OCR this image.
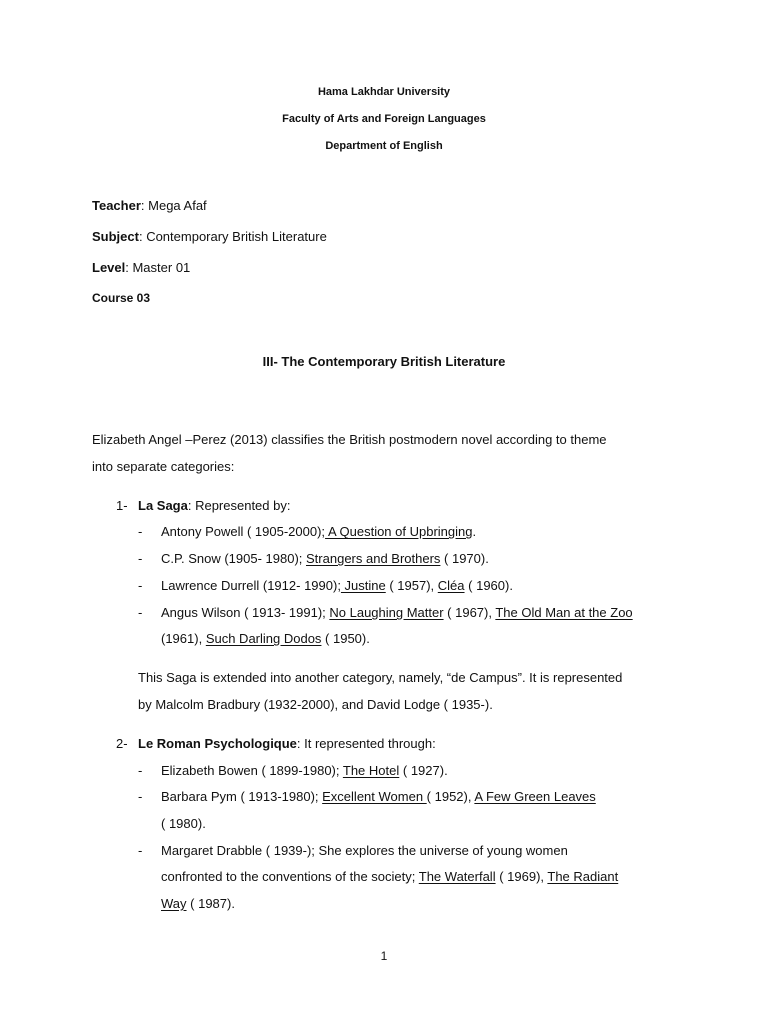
Hama Lakhdar University
Faculty of Arts and Foreign Languages
Department of English
Teacher: Mega Afaf
Subject: Contemporary British Literature
Level: Master 01
Course 03
III- The Contemporary British Literature
Elizabeth Angel –Perez (2013) classifies the British postmodern novel according to theme
into separate categories:
1- La Saga: Represented by:
- Antony Powell ( 1905-2000); A Question of Upbringing.
- C.P. Snow (1905- 1980); Strangers and Brothers ( 1970).
- Lawrence Durrell (1912- 1990); Justine ( 1957), Cléa ( 1960).
- Angus Wilson ( 1913- 1991); No Laughing Matter ( 1967), The Old Man at the Zoo
(1961), Such Darling Dodos ( 1950).
This Saga is extended into another category, namely, “de Campus”. It is represented
by Malcolm Bradbury (1932-2000), and David Lodge ( 1935-).
2- Le Roman Psychologique: It represented through:
- Elizabeth Bowen ( 1899-1980); The Hotel ( 1927).
- Barbara Pym ( 1913-1980); Excellent Women ( 1952), A Few Green Leaves
( 1980).
- Margaret Drabble ( 1939-); She explores the universe of young women
confronted to the conventions of the society; The Waterfall ( 1969), The Radiant
Way ( 1987).
1
